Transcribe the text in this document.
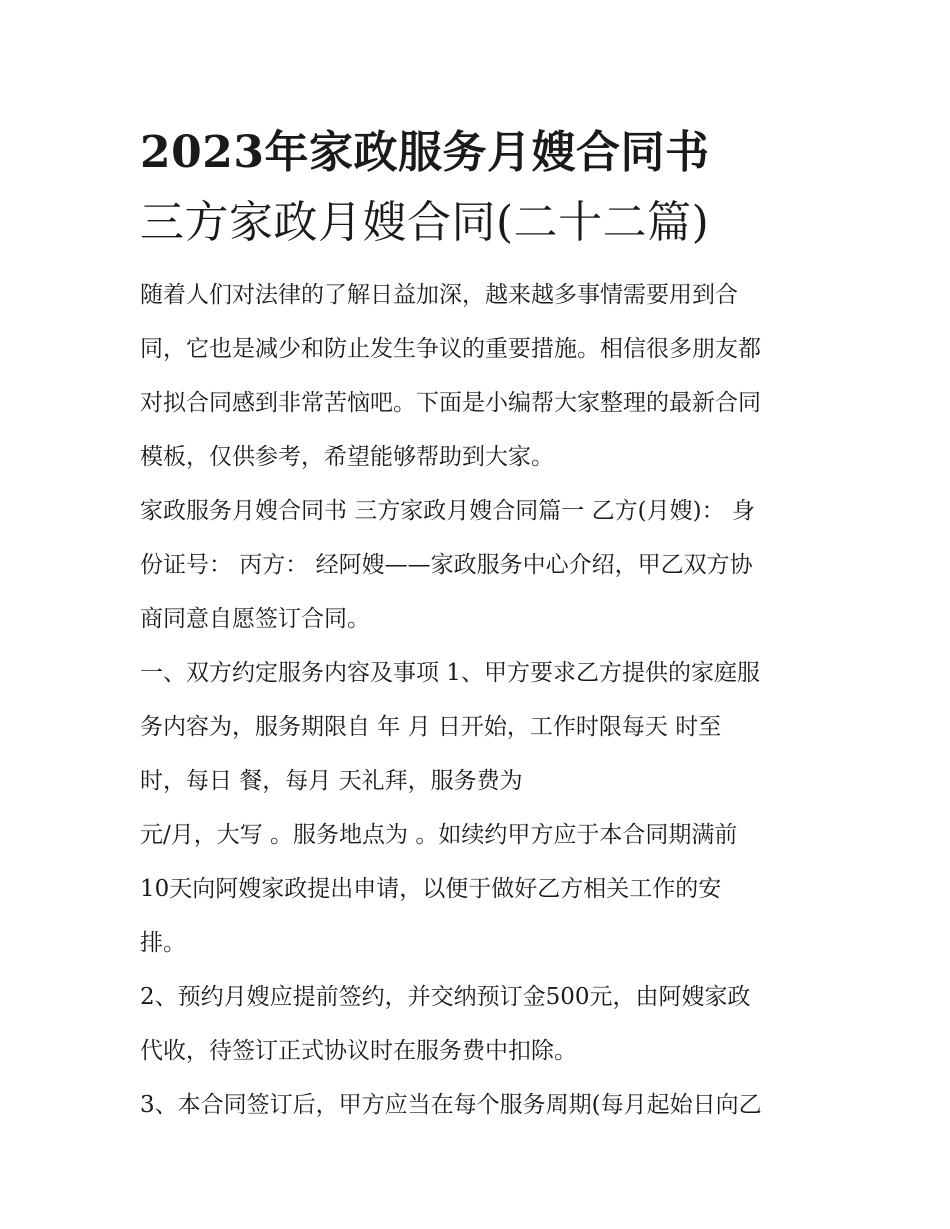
2023年家政服务月嫂合同书
三方家政月嫂合同(二十二篇)

随着人们对法律的了解日益加深，越来越多事情需要用到合
同，它也是减少和防止发生争议的重要措施。相信很多朋友都
对拟合同感到非常苦恼吧。下面是小编帮大家整理的最新合同
模板，仅供参考，希望能够帮助到大家。

家政服务月嫂合同书 三方家政月嫂合同篇一 乙方(月嫂)： 身
份证号： 丙方： 经阿嫂——家政服务中心介绍，甲乙双方协
商同意自愿签订合同。

一、双方约定服务内容及事项 1、甲方要求乙方提供的家庭服
务内容为，服务期限自 年 月 日开始，工作时限每天 时至
时，每日 餐，每月 天礼拜，服务费为
元/月，大写 。服务地点为 。如续约甲方应于本合同期满前
10天向阿嫂家政提出申请，以便于做好乙方相关工作的安
排。

2、预约月嫂应提前签约，并交纳预订金500元，由阿嫂家政
代收，待签订正式协议时在服务费中扣除。

3、本合同签订后，甲方应当在每个服务周期(每月起始日向乙
